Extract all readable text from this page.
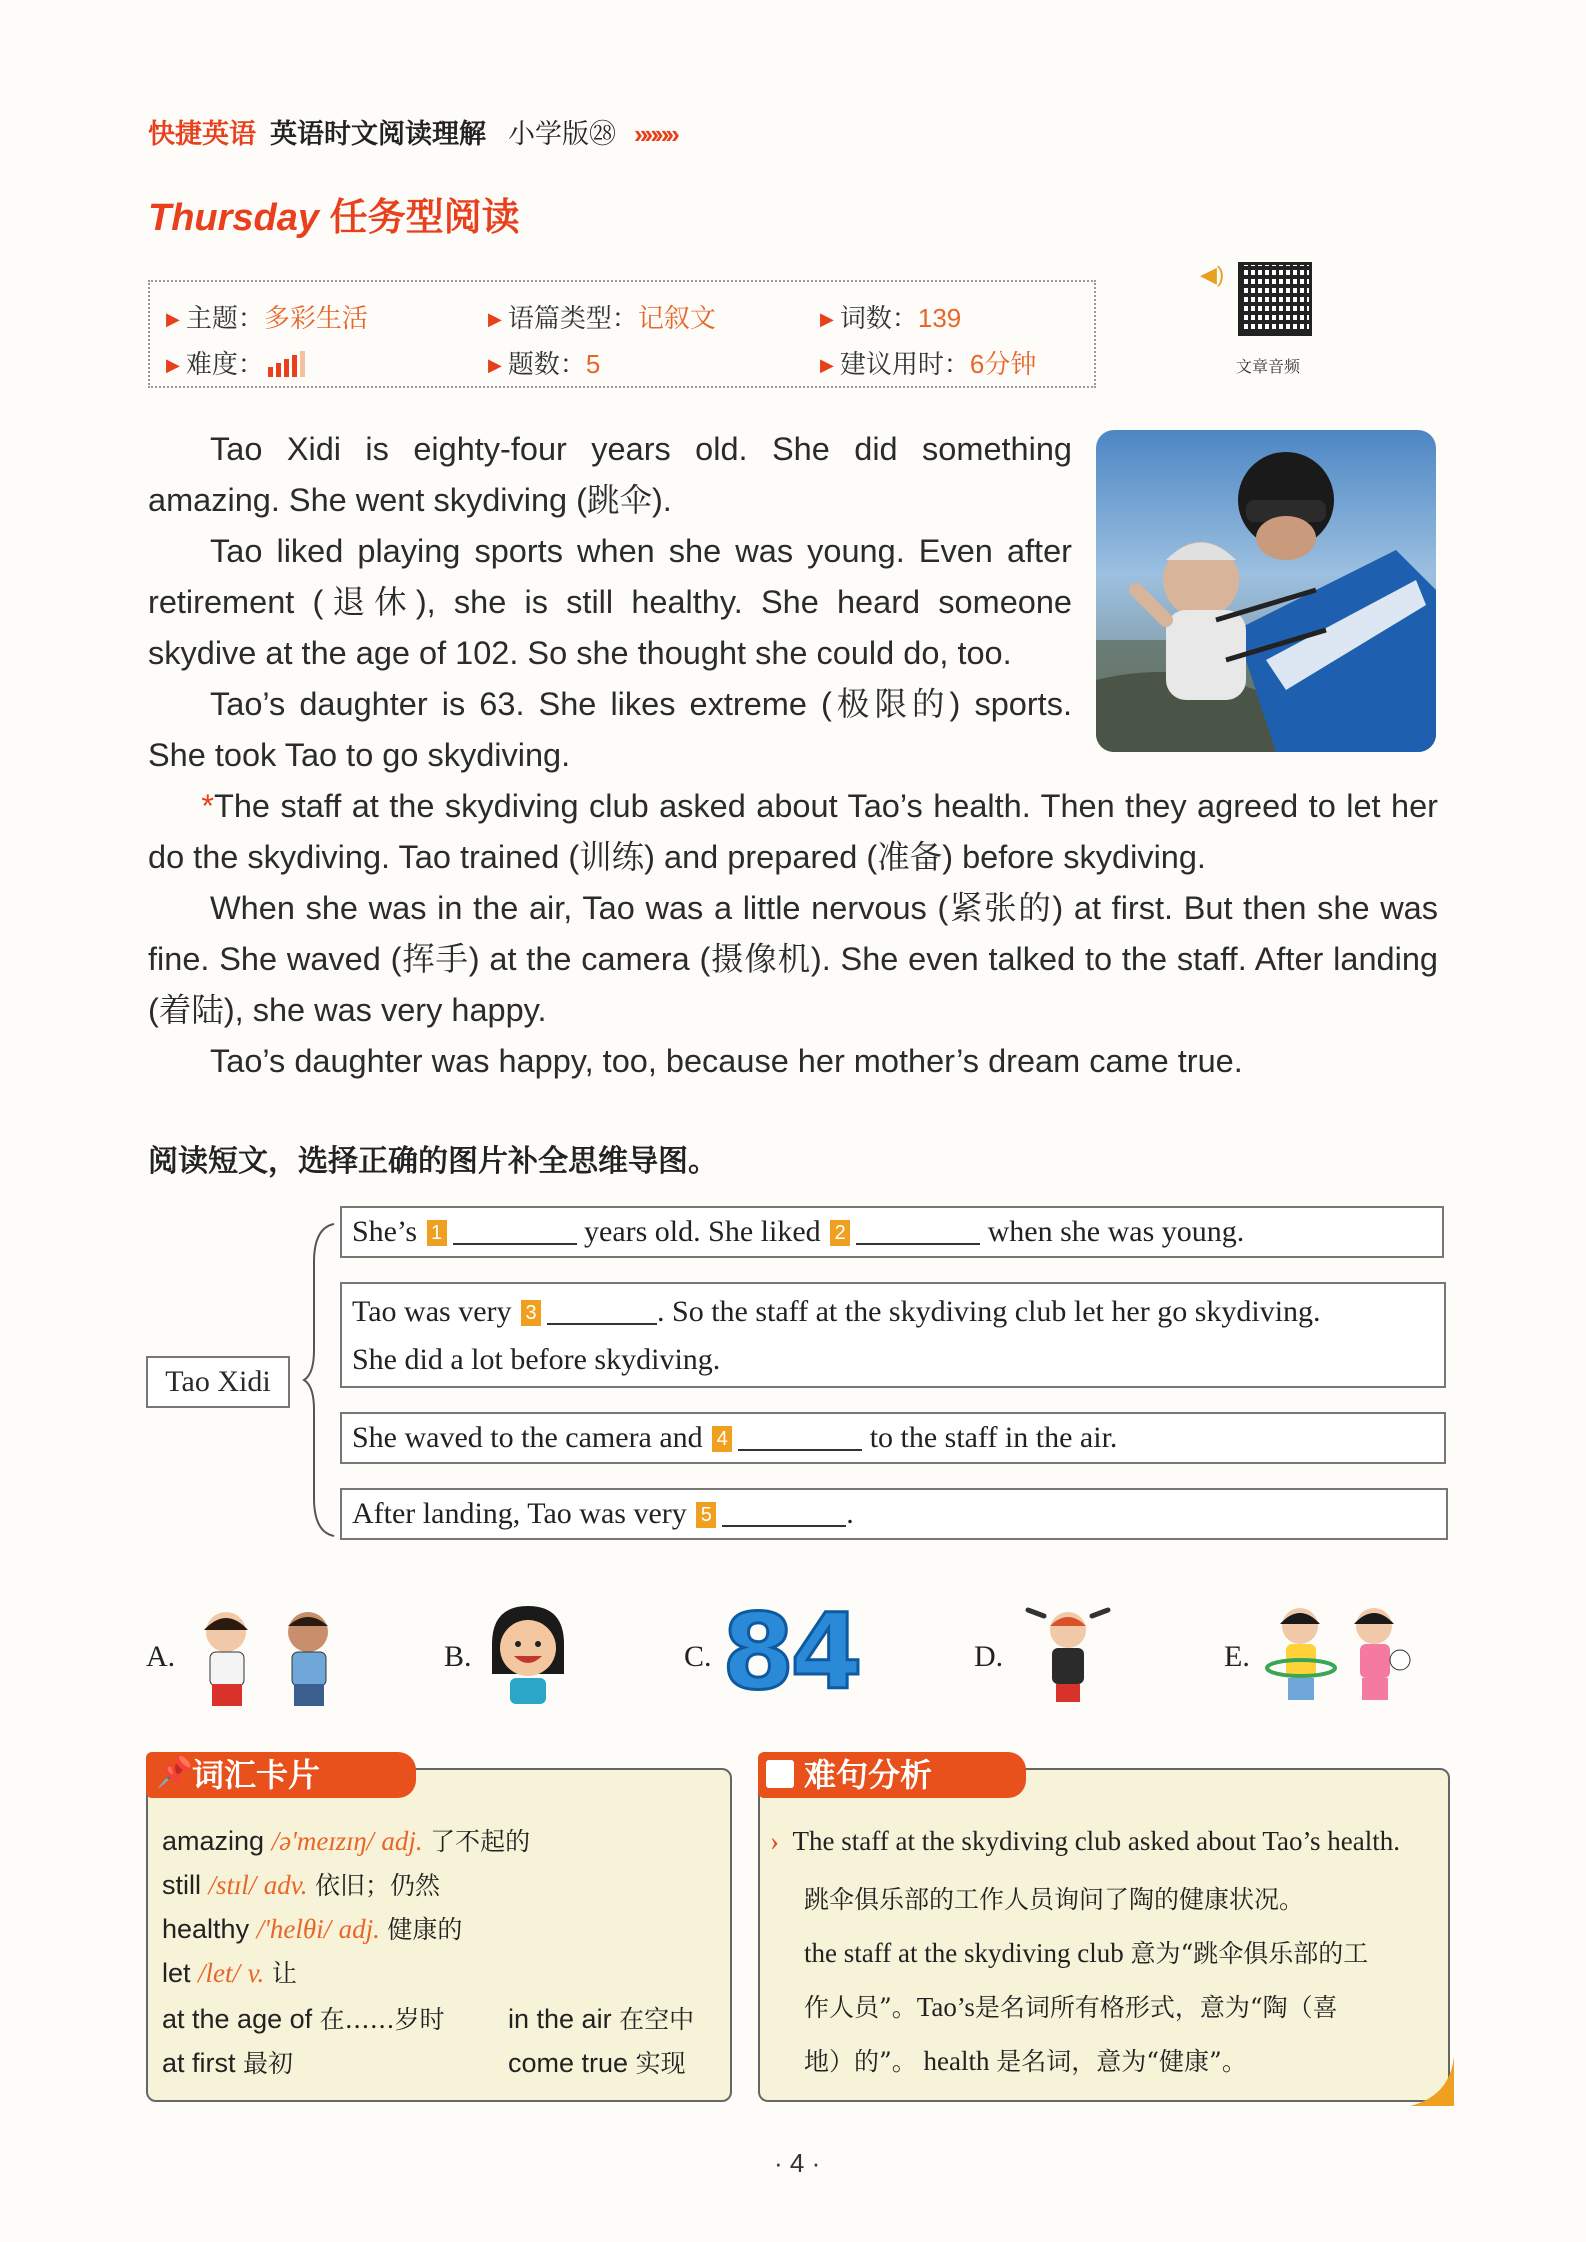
快捷英语 英语时文阅读理解 小学版㉘ »»»»
Thursday 任务型阅读
▶ 主题：多彩生活	▶ 语篇类型：记叙文	▶ 词数：139
▶ 难度：	▶ 题数：5	▶ 建议用时：6分钟
◀)
文章音频
Tao Xidi is eighty-four years old. She did something amazing. She went skydiving (跳伞).
Tao liked playing sports when she was young. Even after retirement (退休), she is still healthy. She heard someone skydive at the age of 102. So she thought she could do, too.
Tao’s daughter is 63. She likes extreme (极限的) sports. She took Tao to go skydiving.
*The staff at the skydiving club asked about Tao’s health. Then they agreed to let her do the skydiving. Tao trained (训练) and prepared (准备) before skydiving.
When she was in the air, Tao was a little nervous (紧张的) at first. But then she was fine. She waved (挥手) at the camera (摄像机). She even talked to the staff. After landing (着陆), she was very happy.
Tao’s daughter was happy, too, because her mother’s dream came true.
阅读短文，选择正确的图片补全思维导图。
Tao Xidi
She’s 1	years old. She liked 2	when she was young.
Tao was very 3	. So the staff at the skydiving club let her go skydiving.
She did a lot before skydiving.
She waved to the camera and 4	to the staff in the air.
After landing, Tao was very 5	.
A.	B.	C. 84	D.	E.
📌
词汇卡片
amazing /ə'meɪzɪŋ/ adj. 了不起的
still /stɪl/ adv. 依旧；仍然
healthy /'helθi/ adj. 健康的
let /let/ v. 让
at the age of 在……岁时 in the air 在空中
at first 最初	come true 实现
难句分析
› The staff at the skydiving club asked about Tao’s health.
跳伞俱乐部的工作人员询问了陶的健康状况。
the staff at the skydiving club 意为“跳伞俱乐部的工
作人员”。Tao’s是名词所有格形式，意为“陶（喜
地）的”。 health 是名词，意为“健康”。
· 4 ·
